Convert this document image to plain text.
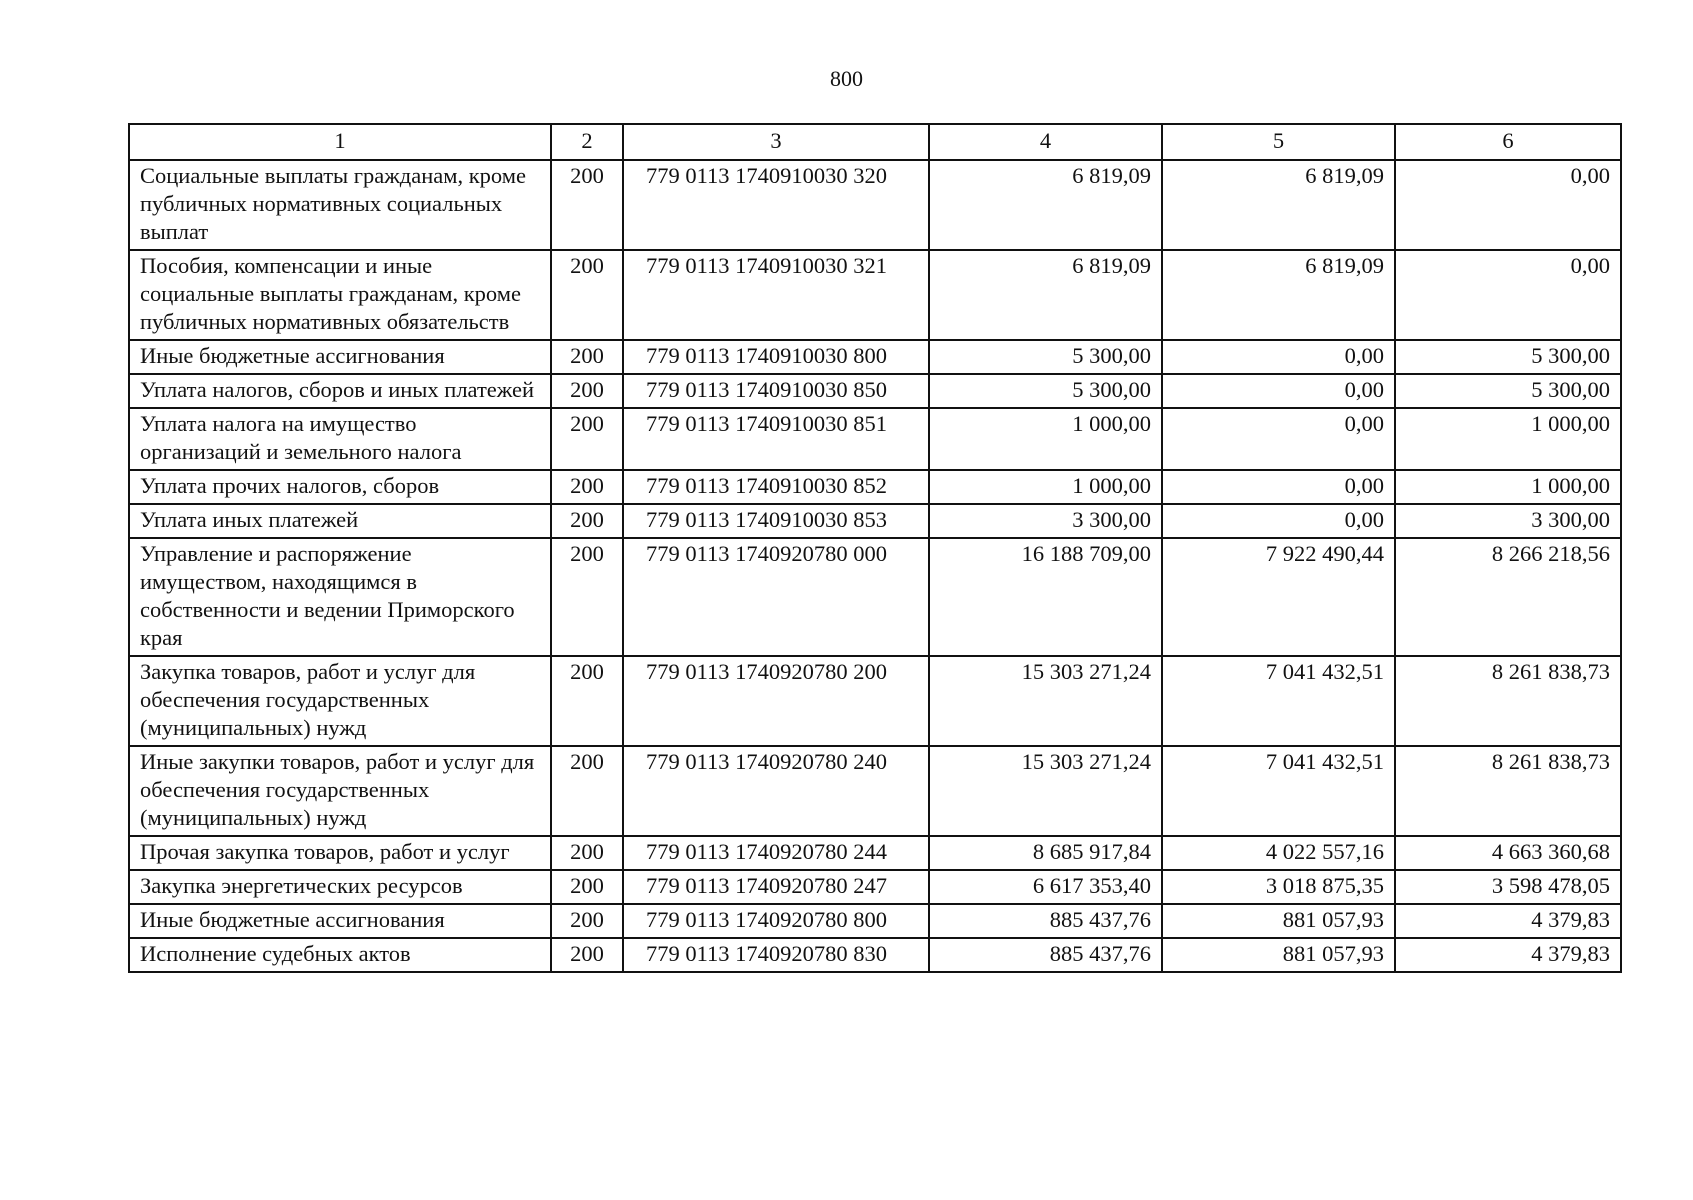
800
1	2	3	4	5	6
Социальные выплаты гражданам, кроме публичных нормативных социальных выплат	200	779 0113 1740910030 320	6 819,09	6 819,09	0,00
Пособия, компенсации и иные социальные выплаты гражданам, кроме публичных нормативных обязательств	200	779 0113 1740910030 321	6 819,09	6 819,09	0,00
Иные бюджетные ассигнования	200	779 0113 1740910030 800	5 300,00	0,00	5 300,00
Уплата налогов, сборов и иных платежей	200	779 0113 1740910030 850	5 300,00	0,00	5 300,00
Уплата налога на имущество организаций и земельного налога	200	779 0113 1740910030 851	1 000,00	0,00	1 000,00
Уплата прочих налогов, сборов	200	779 0113 1740910030 852	1 000,00	0,00	1 000,00
Уплата иных платежей	200	779 0113 1740910030 853	3 300,00	0,00	3 300,00
Управление и распоряжение имуществом, находящимся в собственности и ведении Приморского края	200	779 0113 1740920780 000	16 188 709,00	7 922 490,44	8 266 218,56
Закупка товаров, работ и услуг для обеспечения государственных (муниципальных) нужд	200	779 0113 1740920780 200	15 303 271,24	7 041 432,51	8 261 838,73
Иные закупки товаров, работ и услуг для обеспечения государственных (муниципальных) нужд	200	779 0113 1740920780 240	15 303 271,24	7 041 432,51	8 261 838,73
Прочая закупка товаров, работ и услуг	200	779 0113 1740920780 244	8 685 917,84	4 022 557,16	4 663 360,68
Закупка энергетических ресурсов	200	779 0113 1740920780 247	6 617 353,40	3 018 875,35	3 598 478,05
Иные бюджетные ассигнования	200	779 0113 1740920780 800	885 437,76	881 057,93	4 379,83
Исполнение судебных актов	200	779 0113 1740920780 830	885 437,76	881 057,93	4 379,83
